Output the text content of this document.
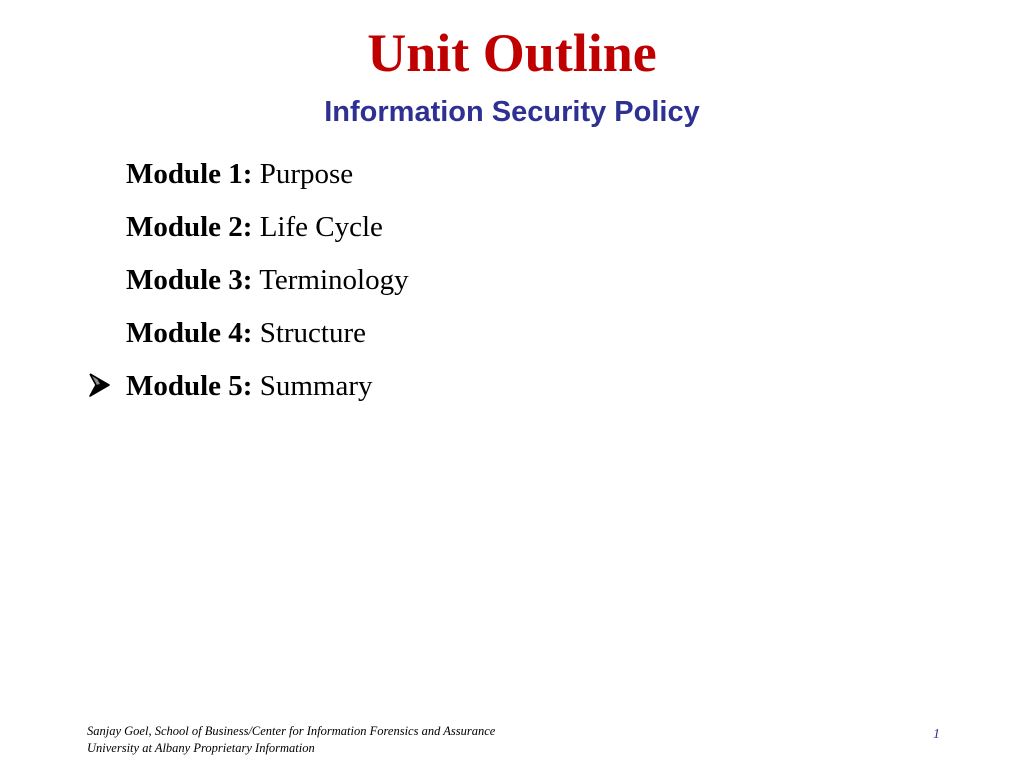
Unit Outline
Information Security Policy
Module 1: Purpose
Module 2: Life Cycle
Module 3: Terminology
Module 4: Structure
Module 5: Summary
Sanjay Goel, School of Business/Center for Information Forensics and Assurance
University at Albany Proprietary Information
1
